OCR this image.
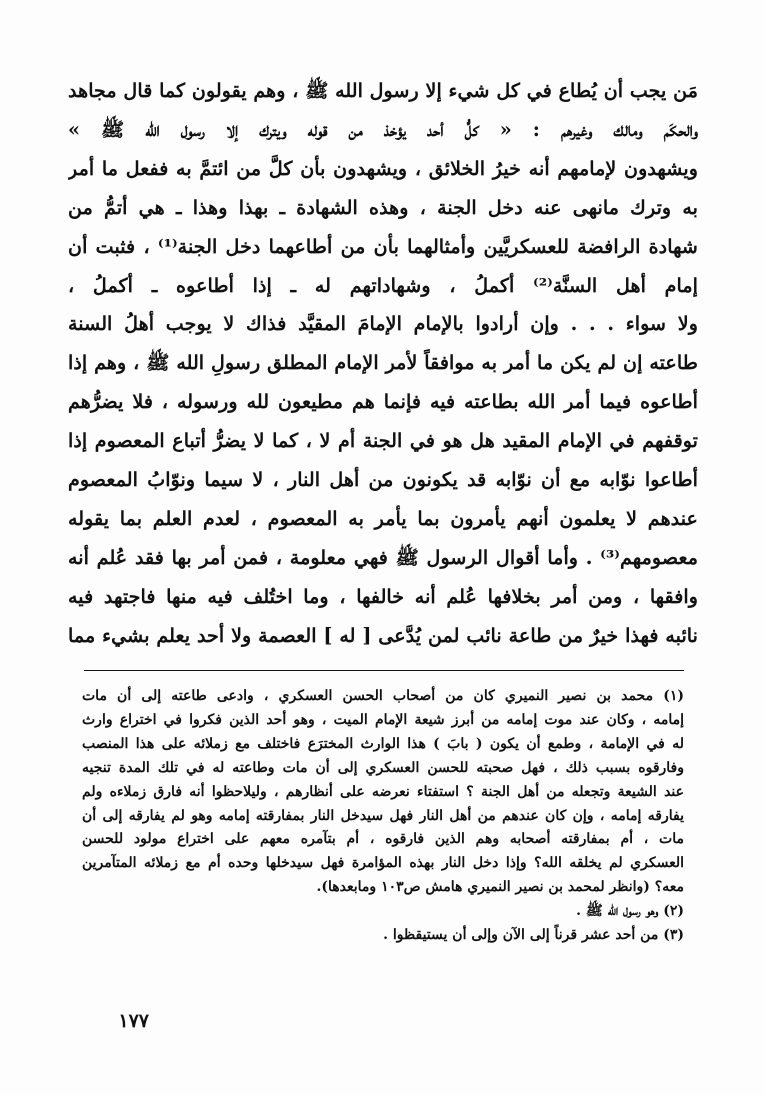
مَن يجب أن يُطاع في كل شيء إلا رسول الله ﷺ ، وهم يقولون كما قال مجاهد
والحكَم ومالك وغيرهم : « كلُّ أحد يؤخذ من قوله ويترك إلا رسول الله ﷺ »
ويشهدون لإمامهم أنه خيرُ الخلائق ، ويشهدون بأن كلَّ من ائتمَّ به ففعل ما أمر
به وترك مانهى عنه دخل الجنة ، وهذه الشهادة ـ بهذا وهذا ـ هي أتمُّ من
شهادة الرافضة للعسكريَّين وأمثالهما بأن من أطاعهما دخل الجنة⁽¹⁾ ، فثبت أن
إمام أهل السنَّة⁽²⁾ أكملُ ، وشهاداتهم له ـ إذا أطاعوه ـ أكملُ ،
ولا سواء . . . وإن أرادوا بالإمام الإمامَ المقيَّد فذاك لا يوجب أهلُ السنة
طاعته إن لم يكن ما أمر به موافقاً لأمر الإمام المطلق رسولِ الله ﷺ ، وهم إذا
أطاعوه فيما أمر الله بطاعته فيه فإنما هم مطيعون لله ورسوله ، فلا يضرُّهم
توقفهم في الإمام المقيد هل هو في الجنة أم لا ، كما لا يضرُّ أتباع المعصوم إذا
أطاعوا نوّابه مع أن نوّابه قد يكونون من أهل النار ، لا سيما ونوّابُ المعصوم
عندهم لا يعلمون أنهم يأمرون بما يأمر به المعصوم ، لعدم العلم بما يقوله
معصومهم⁽³⁾ . وأما أقوال الرسول ﷺ فهي معلومة ، فمن أمر بها فقد عُلم أنه
وافقها ، ومن أمر بخلافها عُلم أنه خالفها ، وما اختُلف فيه منها فاجتهد فيه
نائبه فهذا خيرٌ من طاعة نائب لمن يُدَّعى [ له ] العصمة ولا أحد يعلم بشيء مما
(١) محمد بن نصير النميري كان من أصحاب الحسن العسكري ، وادعى طاعته إلى أن مات
إمامه ، وكان عند موت إمامه من أبرز شيعة الإمام الميت ، وهو أحد الذين فكروا في اختراع وارث
له في الإمامة ، وطمع أن يكون ( بابَ ) هذا الوارث المخترَع فاختلف مع زملائه على هذا المنصب
وفارقوه بسبب ذلك ، فهل صحبته للحسن العسكري إلى أن مات وطاعته له في تلك المدة تنجيه
عند الشيعة وتجعله من أهل الجنة ؟ استفتاء نعرضه على أنظارهم ، وليلاحظوا أنه فارق زملاءه ولم
يفارقه إمامه ، وإن كان عندهم من أهل النار فهل سيدخل النار بمفارقته إمامه وهو لم يفارقه إلى أن
مات ، أم بمفارقته أصحابه وهم الذين فارقوه ، أم بتآمره معهم على اختراع مولود للحسن
العسكري لم يخلقه الله؟ وإذا دخل النار بهذه المؤامرة فهل سيدخلها وحده أم مع زملائه المتآمرين
معه؟ (وانظر لمحمد بن نصير النميري هامش ص١٠٣ ومابعدها).
(٢) وهو رسول الله ﷺ .
(٣) من أحد عشر قرناً إلى الآن وإلى أن يستيقظوا .
١٧٧
